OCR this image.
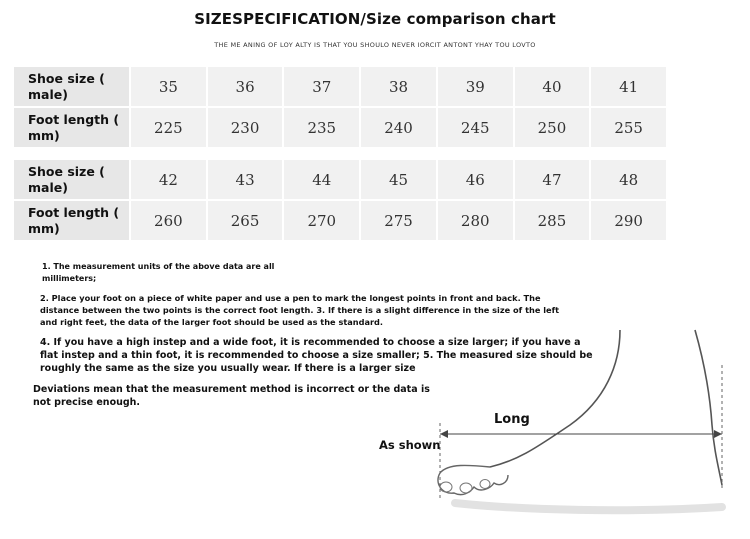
SIZESPECIFICATION/Size comparison chart
THE ME ANING OF LOY ALTY IS THAT YOU SHOULO NEVER IORCIT ANTONT YHAY TOU LOVTO
Shoe size ( male)	35	36	37	38	39	40	41
Foot length ( mm)	225	230	235	240	245	250	255
Shoe size ( male)	42	43	44	45	46	47	48
Foot length ( mm)	260	265	270	275	280	285	290
1. The measurement units of the above data are all millimeters;
2. Place your foot on a piece of white paper and use a pen to mark the longest points in front and back. The distance between the two points is the correct foot length. 3. If there is a slight difference in the size of the left and right feet, the data of the larger foot should be used as the standard.
4. If you have a high instep and a wide foot, it is recommended to choose a size larger; if you have a flat instep and a thin foot, it is recommended to choose a size smaller; 5. The measured size should be roughly the same as the size you usually wear. If there is a larger size
Deviations mean that the measurement method is incorrect or the data is not precise enough.
Long
As shown
